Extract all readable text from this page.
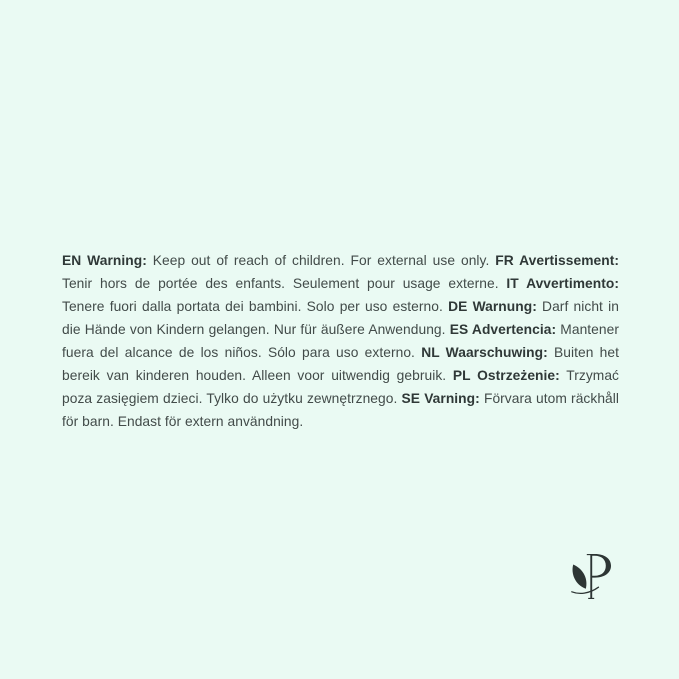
EN Warning: Keep out of reach of children. For external use only. FR Avertissement: Tenir hors de portée des enfants. Seulement pour usage externe. IT Avvertimento: Tenere fuori dalla portata dei bambini. Solo per uso esterno. DE Warnung: Darf nicht in die Hände von Kindern gelangen. Nur für äußere Anwendung. ES Advertencia: Mantener fuera del alcance de los niños. Sólo para uso externo. NL Waarschuwing: Buiten het bereik van kinderen houden. Alleen voor uitwendig gebruik. PL Ostrzeżenie: Trzymać poza zasięgiem dzieci. Tylko do użytku zewnętrznego. SE Varning: Förvara utom räckhåll för barn. Endast för extern användning.
